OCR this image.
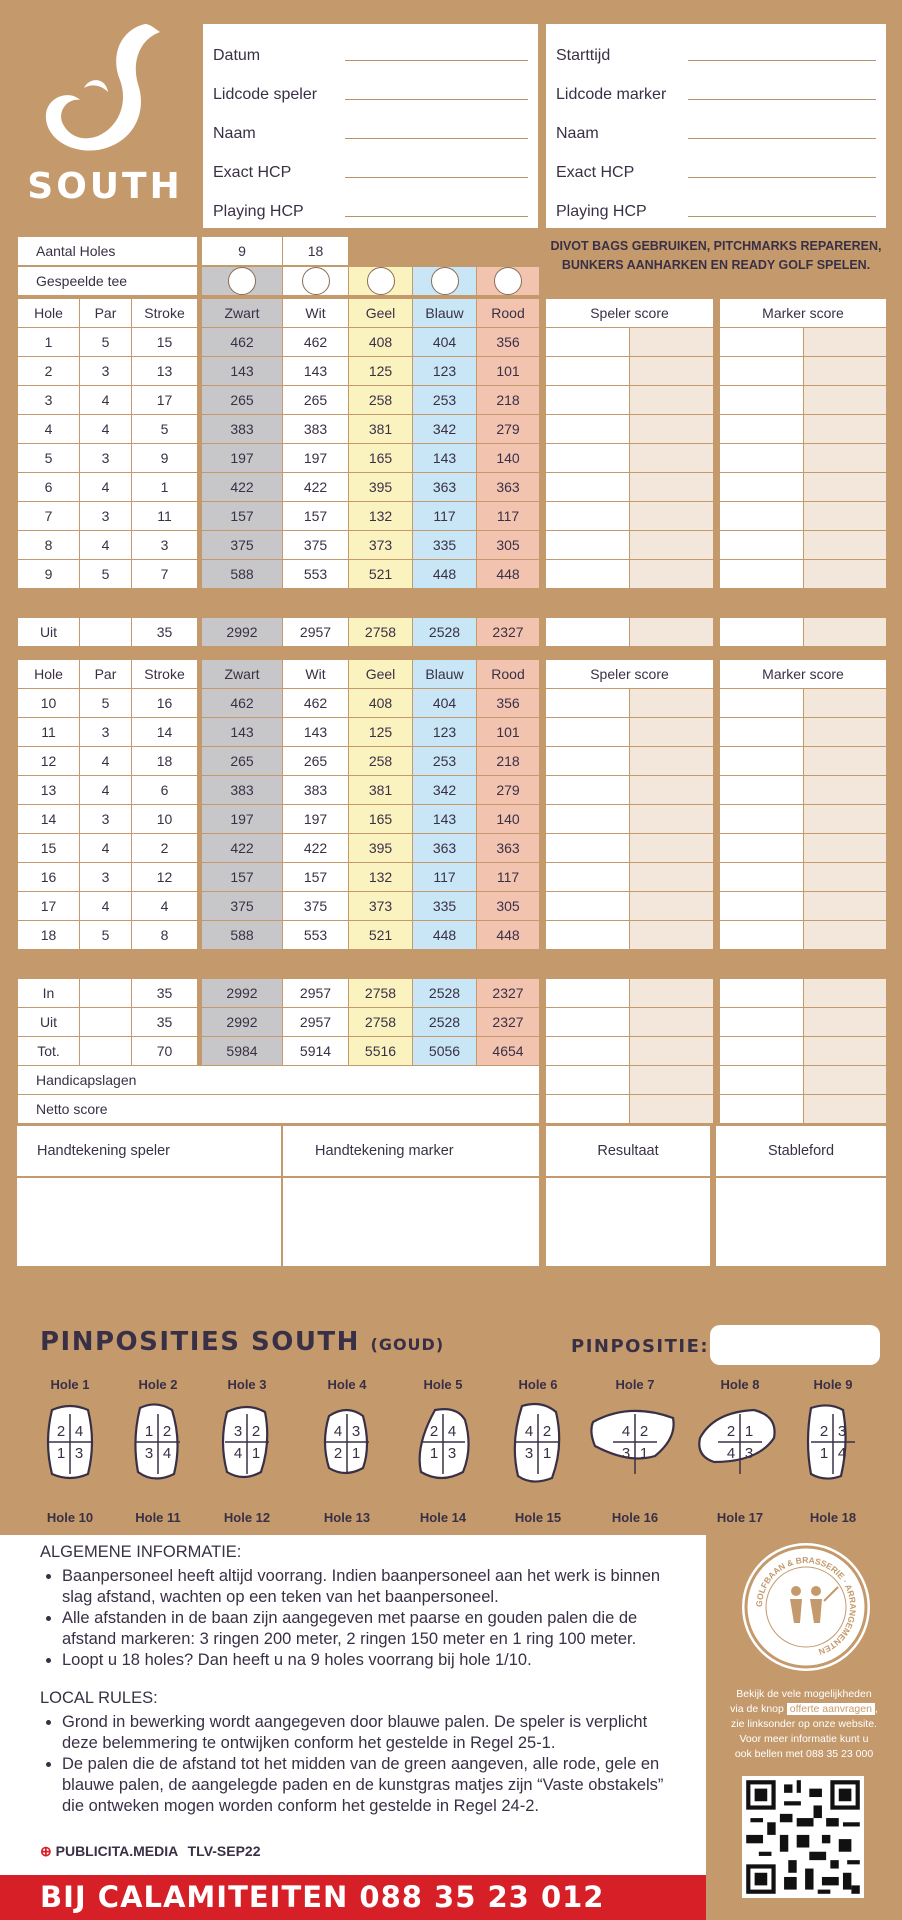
SOUTH
Datum
Lidcode speler
Naam
Exact HCP
Playing HCP
Starttijd
Lidcode marker
Naam
Exact HCP
Playing HCP
DIVOT BAGS GEBRUIKEN, PITCHMARKS REPAREREN, BUNKERS AANHARKEN EN READY GOLF SPELEN.
Aantal Holes		9	18
Gespeelde tee						
Hole	Par	Stroke		Zwart	Wit	Geel	Blauw	Rood		Speler score			Marker score	
1	5	15		462	462	408	404	356						
2	3	13		143	143	125	123	101						
3	4	17		265	265	258	253	218						
4	4	5		383	383	381	342	279						
5	3	9		197	197	165	143	140						
6	4	1		422	422	395	363	363						
7	3	11		157	157	132	117	117						
8	4	3		375	375	373	335	305						
9	5	7		588	553	521	448	448						

Uit		35		2992	2957	2758	2528	2327						
Hole	Par	Stroke		Zwart	Wit	Geel	Blauw	Rood		Speler score			Marker score	
10	5	16		462	462	408	404	356						
11	3	14		143	143	125	123	101						
12	4	18		265	265	258	253	218						
13	4	6		383	383	381	342	279						
14	3	10		197	197	165	143	140						
15	4	2		422	422	395	363	363						
16	3	12		157	157	132	117	117						
17	4	4		375	375	373	335	305						
18	5	8		588	553	521	448	448						

In		35		2992	2957	2758	2528	2327						
Uit		35		2992	2957	2758	2528	2327						
Tot.		70		5984	5914	5516	5056	4654						
Handicapslagen														
Netto score														
Handtekening speler	Handtekening marker	Resultaat	Stableford
PINPOSITIES SOUTH (GOUD)	PINPOSITIE:
Hole 1
Hole 10
2 4
1 3
Hole 2
Hole 11
1 2
3 4
Hole 3
Hole 12
3 2
4 1
Hole 4
Hole 13
4 3
2 1
Hole 5
Hole 14
2 4
1 3
Hole 6
Hole 15
4 2
3 1
Hole 7
Hole 16
4 2
3 1
Hole 8
Hole 17
2 1
4 3
Hole 9
Hole 18
2 3
1 4
ALGEMENE INFORMATIE:
• Baanpersoneel heeft altijd voorrang. Indien baanpersoneel aan het werk is binnen slag afstand, wachten op een teken van het baanpersoneel.
• Alle afstanden in de baan zijn aangegeven met paarse en gouden palen die de afstand markeren: 3 ringen 200 meter, 2 ringen 150 meter en 1 ring 100 meter.
• Loopt u 18 holes? Dan heeft u na 9 holes voorrang bij hole 1/10.
LOCAL RULES:
• Grond in bewerking wordt aangegeven door blauwe palen. De speler is verplicht deze belemmering te ontwijken conform het gestelde in Regel 25-1.
• De palen die de afstand tot het midden van de green aangeven, alle rode, gele en blauwe palen, de aangelegde paden en de kunstgras matjes zijn “Vaste obstakels” die ontweken mogen worden conform het gestelde in Regel 24-2.
⊕ PUBLICITA.MEDIA TLV-SEP22
BIJ CALAMITEITEN 088 35 23 012
GOLFBAAN & BRASSERIE · ARRANGEMENTEN
Bekijk de vele mogelijkheden
via de knop offerte aanvragen ,
zie linksonder op onze website.
Voor meer informatie kunt u
ook bellen met 088 35 23 000
